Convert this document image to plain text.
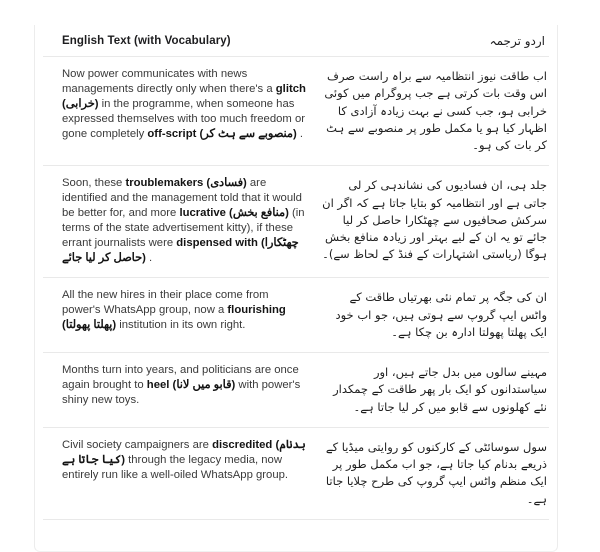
English Text (with Vocabulary)	اردو ترجمہ
Now power communicates with news managements directly only when there's a glitch (خرابی) in the programme, when someone has expressed themselves with too much freedom or gone completely off-script (منصوبے سے ہٹ کر) .
اب طاقت نیوز انتظامیہ سے براہ راست صرف اس وقت بات کرتی ہے جب پروگرام میں کوئی خرابی ہو، جب کسی نے بہت زیادہ آزادی کا اظہار کیا ہو یا مکمل طور پر منصوبے سے ہٹ کر بات کی ہو۔
Soon, these troublemakers (فسادی) are identified and the management told that it would be better for, and more lucrative (منافع بخش) (in terms of the state advertisement kitty), if these errant journalists were dispensed with (چھٹکارا حاصل کر لیا جائے) .
جلد ہی، ان فسادیوں کی نشاندہی کر لی جاتی ہے اور انتظامیہ کو بتایا جاتا ہے کہ اگر ان سرکش صحافیوں سے چھٹکارا حاصل کر لیا جائے تو یہ ان کے لیے بہتر اور زیادہ منافع بخش ہوگا (ریاستی اشتہارات کے فنڈ کے لحاظ سے)۔
All the new hires in their place come from power's WhatsApp group, now a flourishing (پھلتا پھولتا) institution in its own right.
ان کی جگہ پر تمام نئی بھرتیاں طاقت کے واٹس ایپ گروپ سے ہوتی ہیں، جو اب خود ایک پھلتا پھولتا ادارہ بن چکا ہے۔
Months turn into years, and politicians are once again brought to heel (قابو میں لانا) with power's shiny new toys.
مہینے سالوں میں بدل جاتے ہیں، اور سیاستدانوں کو ایک بار پھر طاقت کے چمکدار نئے کھلونوں سے قابو میں کر لیا جاتا ہے۔
Civil society campaigners are discredited (بدنام کیا جاتا ہے) through the legacy media, now entirely run like a well-oiled WhatsApp group.
سول سوسائٹی کے کارکنوں کو روایتی میڈیا کے ذریعے بدنام کیا جاتا ہے، جو اب مکمل طور پر ایک منظم واٹس ایپ گروپ کی طرح چلایا جاتا ہے۔
